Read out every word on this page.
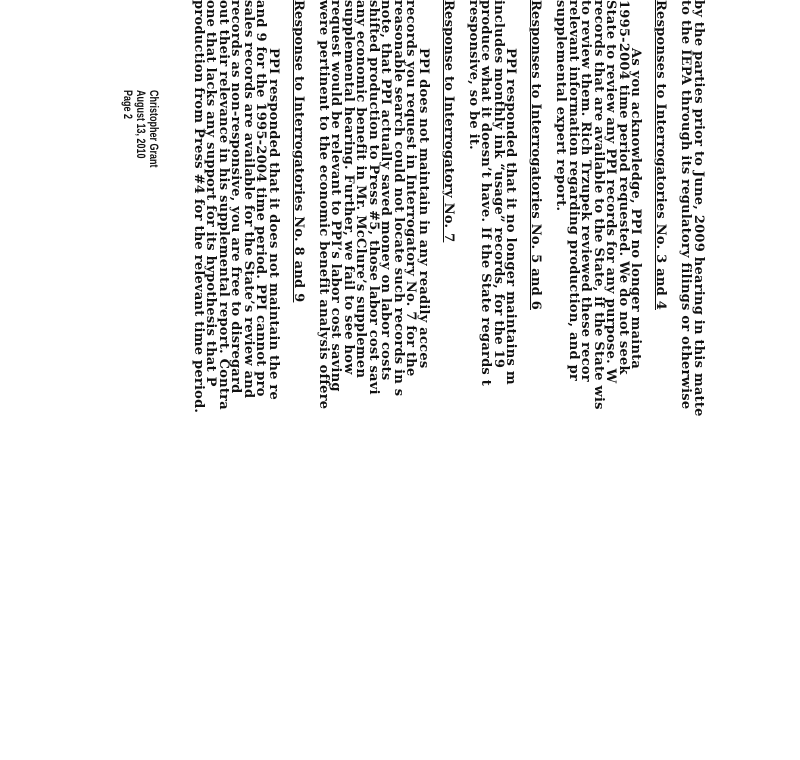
by the parties prior to June, 2009 hearing in this matte
to the IEPA through its regulatory filings or otherwise
Responses to Interrogatories No. 3 and 4
As you acknowledge, PPI no longer mainta
1995-2004 time period requested. We do not seek
State to review any PPI records for any purpose. W
records that are available to the State, if the State wis
to review them. Rich Trzupek reviewed these recor
relevant information regarding production, and pr
supplemental expert report.
Responses to Interrogatories No. 5 and 6
PPI responded that it no longer maintains m
includes monthly ink “usage” records, for the 19
produce what it doesn’t have. If the State regards t
responsive, so be it.
Response to Interrogatory No. 7
PPI does not maintain in any readily acces
records you request in Interrogatory No. 7 for the
reasonable search could not locate such records in s
note, that PPI actually saved money on labor costs
shifted production to Press #5, those labor cost savi
any economic benefit in Mr. McClure’s supplemen
supplemental hearing. Further, we fail to see how
request would be relevant to PPI’s labor cost saving
were pertinent to the economic benefit analysis offere
Response to Interrogatories No. 8 and 9
PPI responded that it does not maintain the re
and 9 for the 1995-2004 time period. PPI cannot pro
sales records are available for the State’s review and
records as non-responsive, you are free to disregard
out their relevance in his supplemental report. Contra
one that lacks any support for its hypothesis that P
production from Press #4 for the relevant time period.
Christopher Grant
August 13, 2010
Page 2
